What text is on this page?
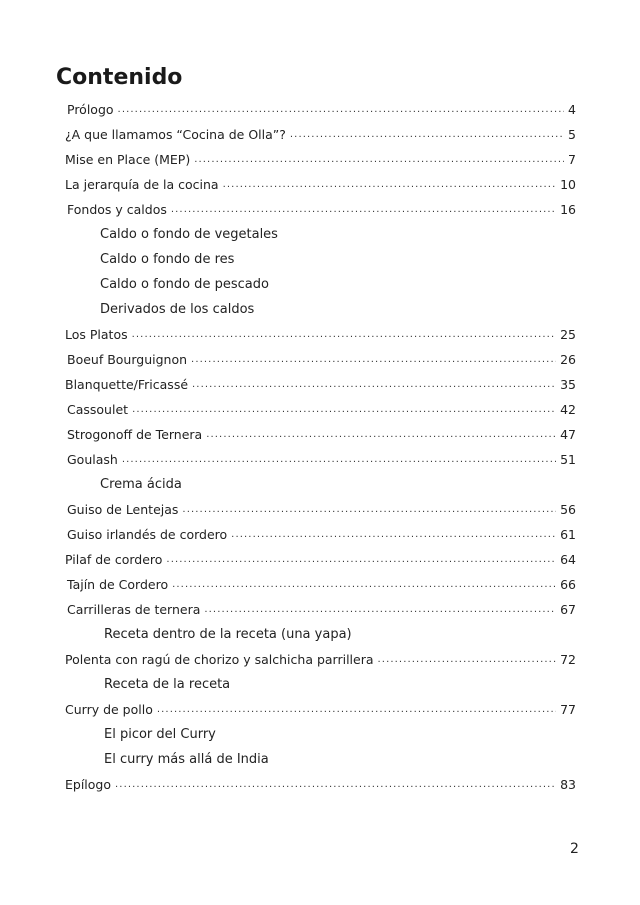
Contenido
Prólogo .....	4
¿A que llamamos “Cocina de Olla”? .....	5
Mise en Place (MEP) .....	7
La jerarquía de la cocina .....	10
Fondos y caldos .....	16
Caldo o fondo de vegetales
Caldo o fondo de res
Caldo o fondo de pescado
Derivados de los caldos
Los Platos .....	25
Boeuf Bourguignon .....	26
Blanquette/Fricassé .....	35
Cassoulet .....	42
Strogonoff de Ternera .....	47
Goulash .....	51
Crema ácida
Guiso de Lentejas .....	56
Guiso irlandés de cordero .....	61
Pilaf de cordero .....	64
Tajín de Cordero .....	66
Carrilleras de ternera .....	67
Receta dentro de la receta (una yapa)
Polenta con ragú de chorizo y salchicha parrillera .....	72
Receta de la receta
Curry de pollo .....	77
El picor del Curry
El curry más allá de India
Epílogo .....	83
2
